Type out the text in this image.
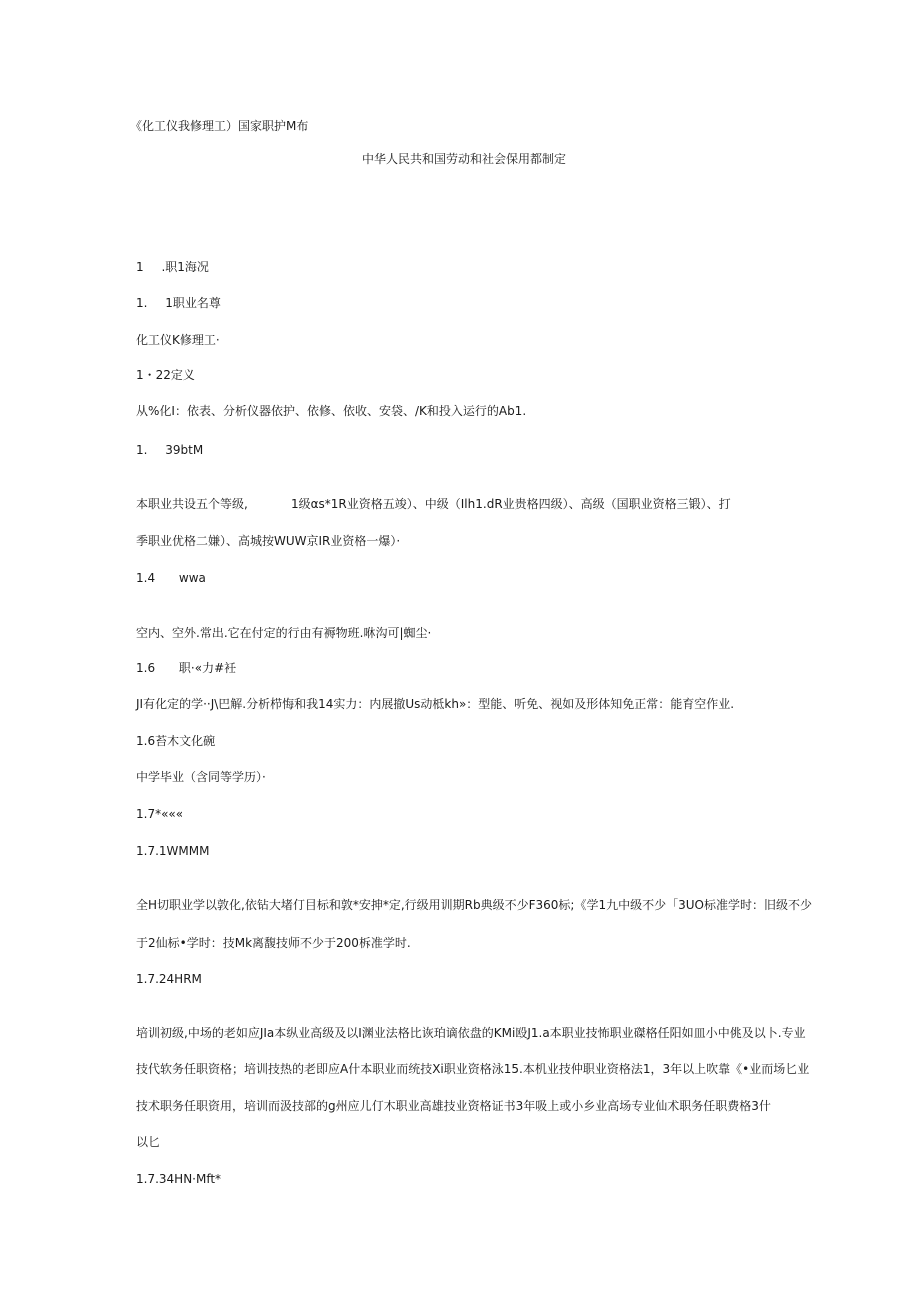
《化工仪我修理工）国家职护M布
中华人民共和国劳动和社会保用都制定
1 .职1海况
1. 1职业名尊
化工仪K修理工·
1・22定义
从%化I：依表、分析仪器依护、依修、依收、安袋、/K和投入运行的Ab1.
1. 39btM
本职业共设五个等级,	1级αs*1R业资格五竣）、中级（Ilh1.dR业贵格四级）、高级（国职业资格三锻）、打
季职业优格二嫌）、高城按WUW京IR业资格一爆）·
1.4 wwa
空内、空外.常出.它在付定的行由有褥物班.咻沟可|蜘尘·
1.6 职·«力#衽
JI有化定的学··J\巴解.分析栉悔和我14实力：内展撤Us动柢kh»：型能、听免、视如及形体知免正常：能育空作业.
1.6苔木文化碗
中学毕业（含同等学历）·
1.7*«««
1.7.1WMMM
全H切职业学以敦化,依钻大堵仃目标和敦*安抻*定,行级用训期Rb典级不少F360标;《学1九中级不少「3UO标准学时：旧级不少
于2仙标•学时：技Mk离馥技师不少于200柝准学时.
1.7.24HRM
培训初级,中场的老如应JIa本纵业高级及以I渊业法格比诙珀谪依盘的KMi殴J1.a本职业技怖职业磔格任阳如皿小中佻及以卜.专业
技代软务任职资格；培训技热的老即应A什本职业而统技Xi职业资格泳15.本机业技仲职业资格法1，3年以上吹靠《•业而场匕业
技术职务任职资用，培训而汲技部的g州应儿仃木职业高雄技业资格证书3年吸上或小乡业高场专业仙术职务任职费格3什
以匕
1.7.34HN·Mft*
